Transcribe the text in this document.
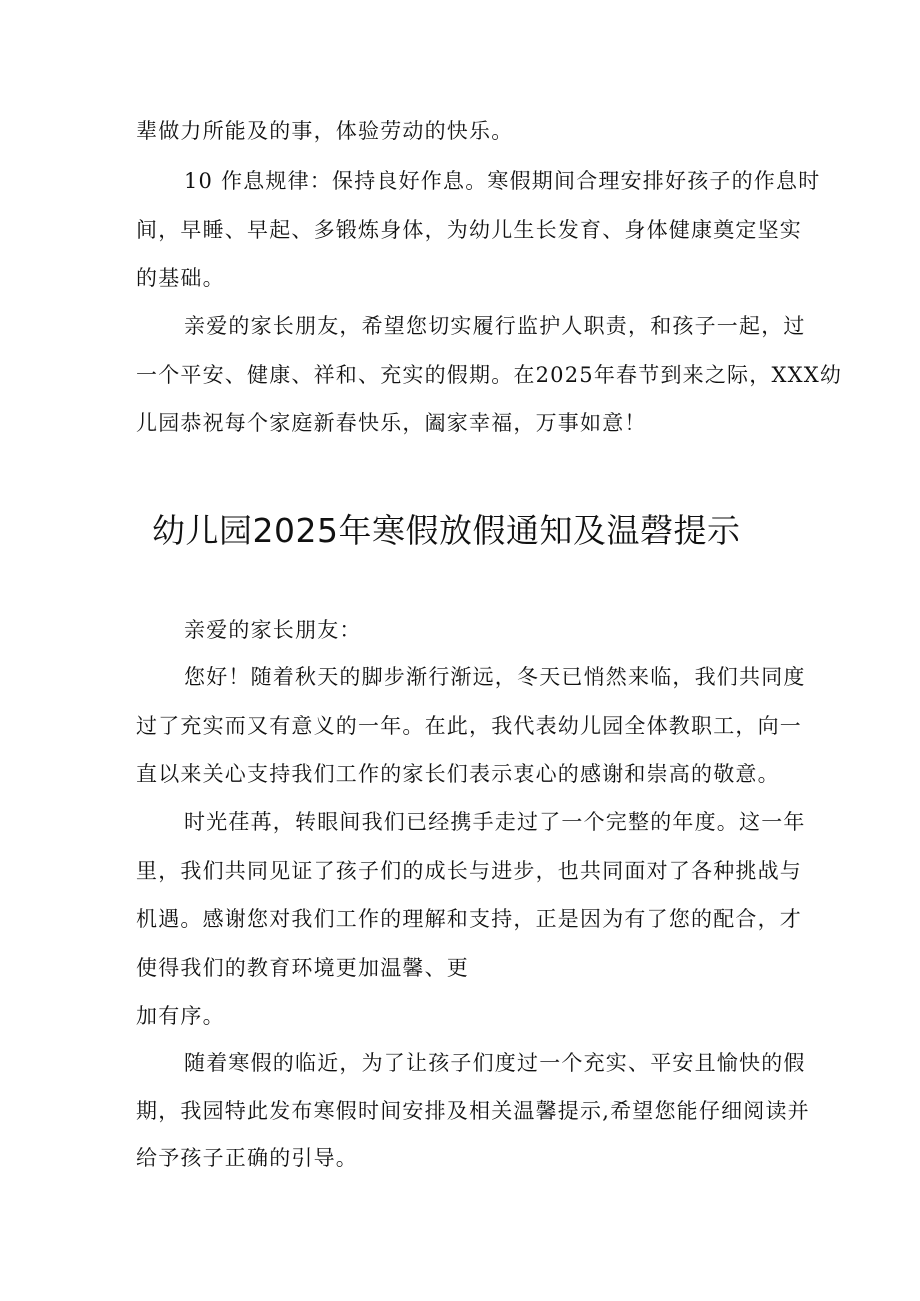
辈做力所能及的事，体验劳动的快乐。
10 作息规律：保持良好作息。寒假期间合理安排好孩子的作息时
间，早睡、早起、多锻炼身体，为幼儿生长发育、身体健康奠定坚实
的基础。
亲爱的家长朋友，希望您切实履行监护人职责，和孩子一起，过
一个平安、健康、祥和、充实的假期。在2025年春节到来之际，XXX幼
儿园恭祝每个家庭新春快乐，阖家幸福，万事如意！
幼儿园2025年寒假放假通知及温磬提示
亲爱的家长朋友：
您好！随着秋天的脚步渐行渐远，冬天已悄然来临，我们共同度
过了充实而又有意义的一年。在此，我代表幼儿园全体教职工，向一
直以来关心支持我们工作的家长们表示衷心的感谢和崇高的敬意。
时光荏苒，转眼间我们已经携手走过了一个完整的年度。这一年
里，我们共同见证了孩子们的成长与进步，也共同面对了各种挑战与
机遇。感谢您对我们工作的理解和支持，正是因为有了您的配合，才
使得我们的教育环境更加温馨、更
加有序。
随着寒假的临近，为了让孩子们度过一个充实、平安且愉快的假
期，我园特此发布寒假时间安排及相关温馨提示,希望您能仔细阅读并
给予孩子正确的引导。
